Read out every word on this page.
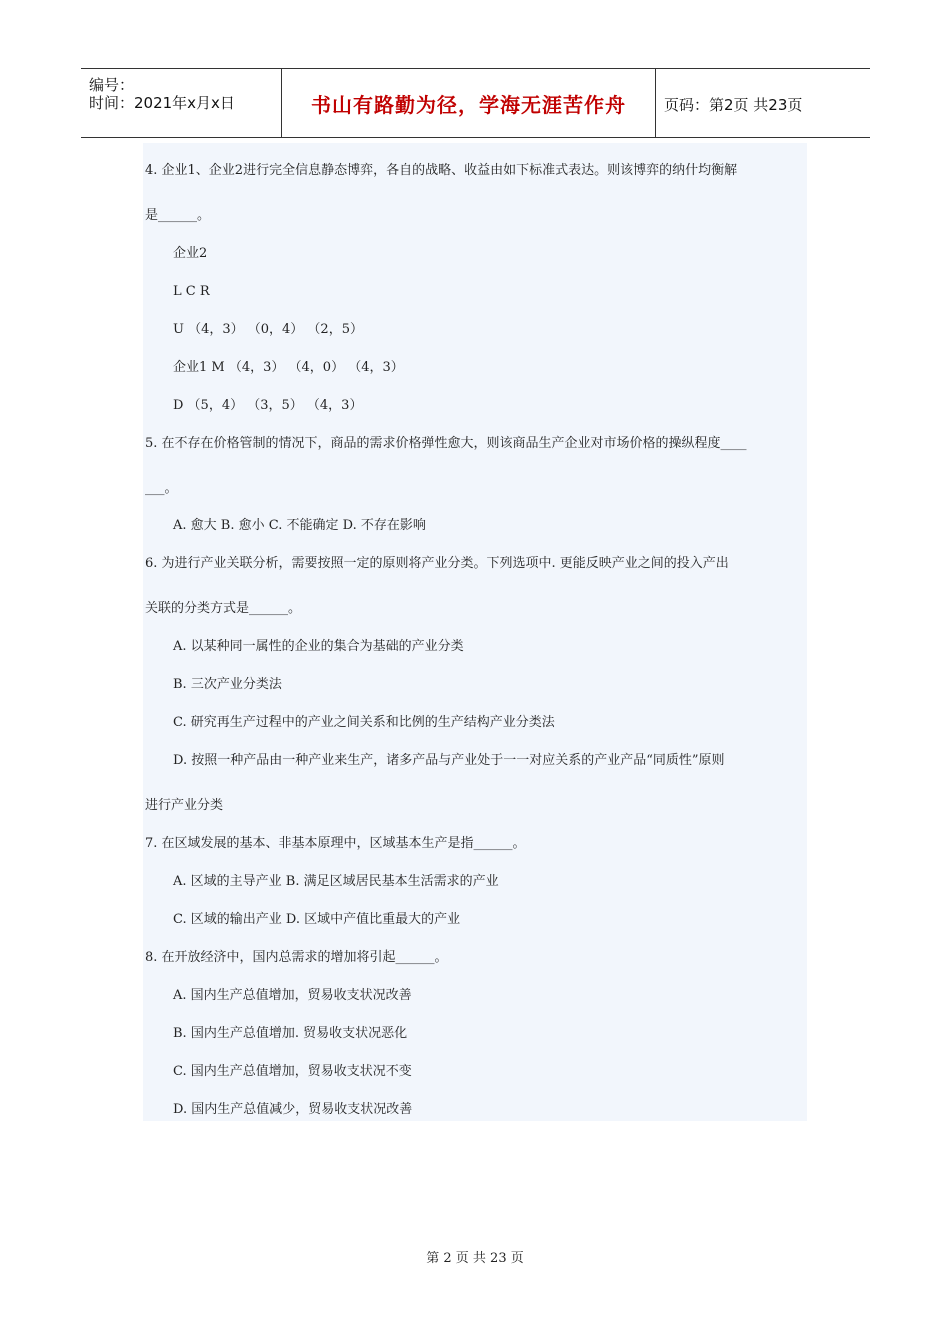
编号：
时间：2021年x月x日	书山有路勤为径，学海无涯苦作舟	页码：第2页 共23页
4. 企业1、企业2进行完全信息静态博弈，各自的战略、收益由如下标准式表达。则该博弈的纳什均衡解
是______。
企业2
L C R
U （4，3） （0，4） （2，5）
企业1 M （4，3） （4，0） （4，3）
D （5，4） （3，5） （4，3）
5. 在不存在价格管制的情况下，商品的需求价格弹性愈大，则该商品生产企业对市场价格的操纵程度____
___。
A. 愈大 B. 愈小 C. 不能确定 D. 不存在影响
6. 为进行产业关联分析，需要按照一定的原则将产业分类。下列选项中. 更能反映产业之间的投入产出
关联的分类方式是______。
A. 以某种同一属性的企业的集合为基础的产业分类
B. 三次产业分类法
C. 研究再生产过程中的产业之间关系和比例的生产结构产业分类法
D. 按照一种产品由一种产业来生产，诸多产品与产业处于一一对应关系的产业产品“同质性”原则
进行产业分类
7. 在区域发展的基本、非基本原理中，区域基本生产是指______。
A. 区域的主导产业 B. 满足区域居民基本生活需求的产业
C. 区域的输出产业 D. 区域中产值比重最大的产业
8. 在开放经济中，国内总需求的增加将引起______。
A. 国内生产总值增加，贸易收支状况改善
B. 国内生产总值增加. 贸易收支状况恶化
C. 国内生产总值增加，贸易收支状况不变
D. 国内生产总值减少，贸易收支状况改善
第 2 页 共 23 页
